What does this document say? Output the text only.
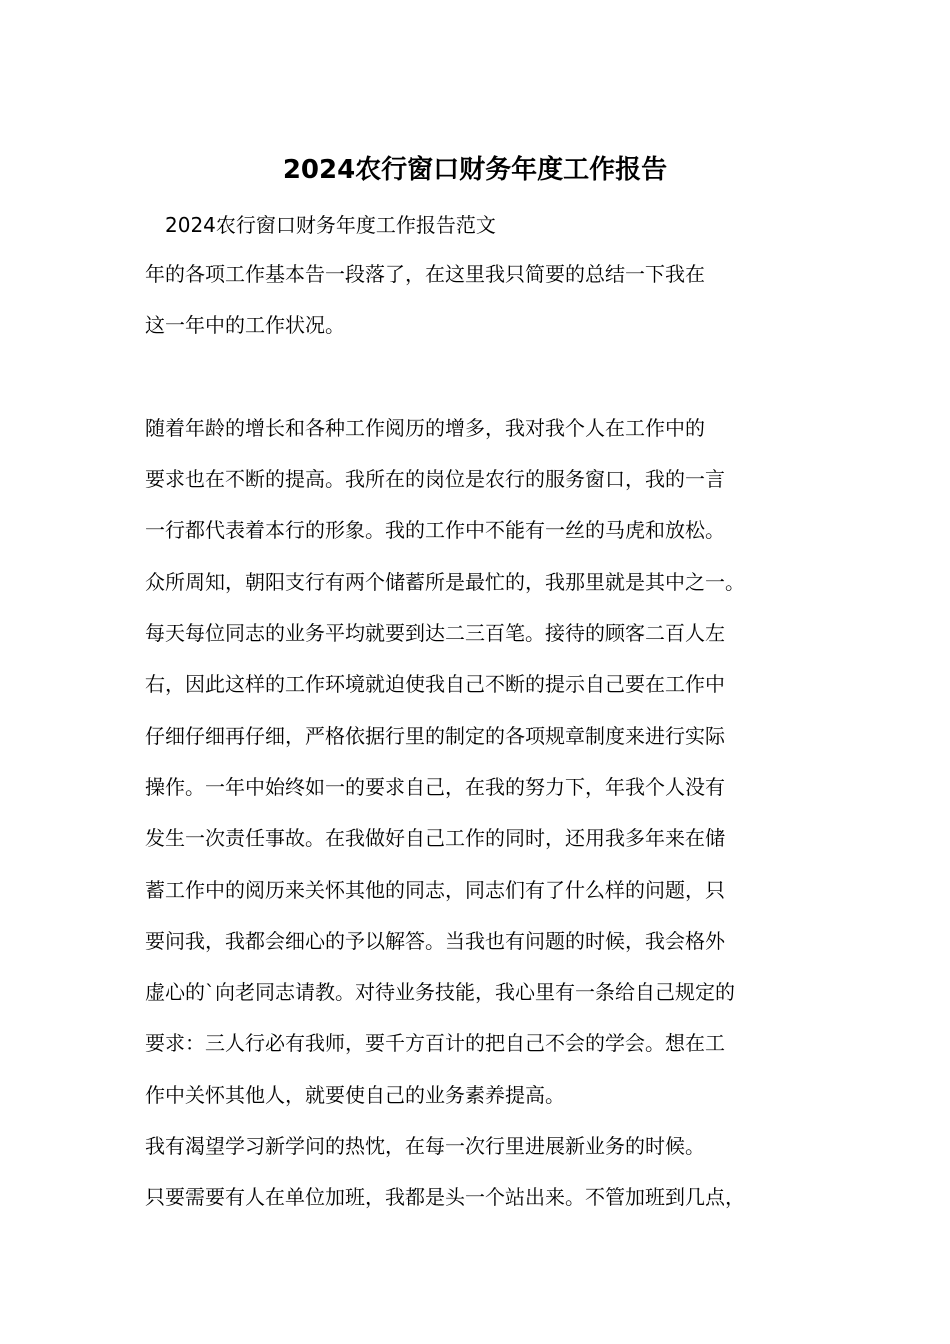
2024农行窗口财务年度工作报告

2024农行窗口财务年度工作报告范文

年的各项工作基本告一段落了，在这里我只简要的总结一下我在
这一年中的工作状况。
随着年龄的增长和各种工作阅历的增多，我对我个人在工作中的
要求也在不断的提高。我所在的岗位是农行的服务窗口，我的一言
一行都代表着本行的形象。我的工作中不能有一丝的马虎和放松。
众所周知，朝阳支行有两个储蓄所是最忙的，我那里就是其中之一。
每天每位同志的业务平均就要到达二三百笔。接待的顾客二百人左
右，因此这样的工作环境就迫使我自己不断的提示自己要在工作中
仔细仔细再仔细，严格依据行里的制定的各项规章制度来进行实际
操作。一年中始终如一的要求自己，在我的努力下，年我个人没有
发生一次责任事故。在我做好自己工作的同时，还用我多年来在储
蓄工作中的阅历来关怀其他的同志，同志们有了什么样的问题，只
要问我，我都会细心的予以解答。当我也有问题的时候，我会格外
虚心的`向老同志请教。对待业务技能，我心里有一条给自己规定的
要求：三人行必有我师，要千方百计的把自己不会的学会。想在工
作中关怀其他人，就要使自己的业务素养提高。
我有渴望学习新学问的热忱，在每一次行里进展新业务的时候。
只要需要有人在单位加班，我都是头一个站出来。不管加班到几点，
